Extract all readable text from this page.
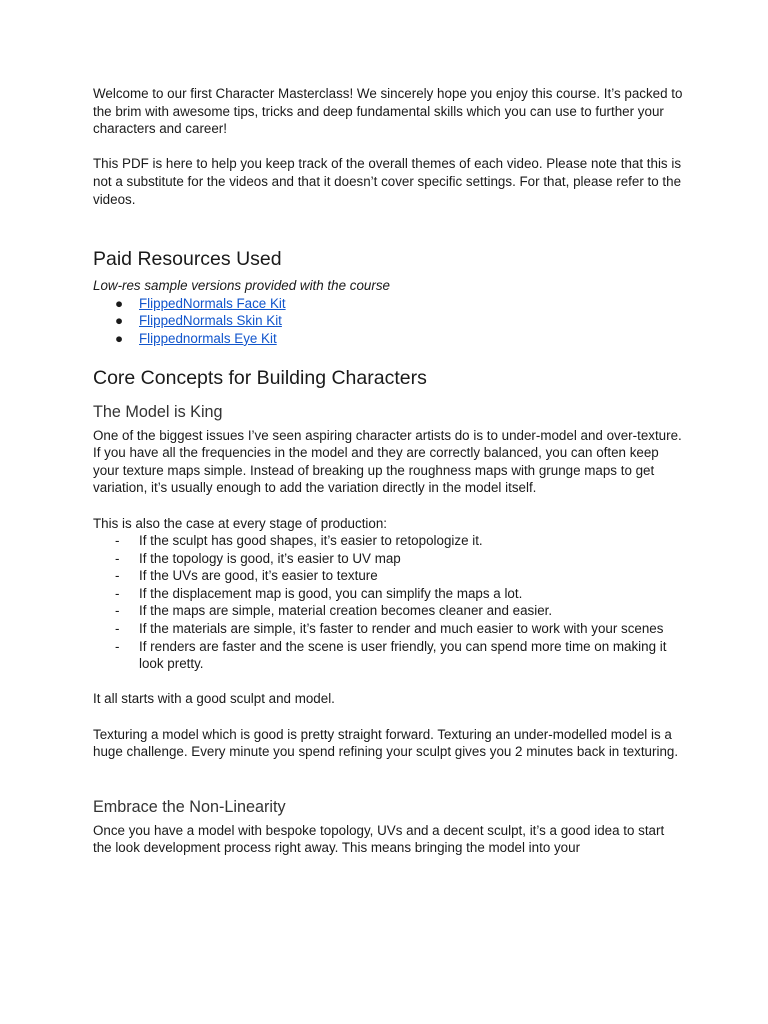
Welcome to our first Character Masterclass! We sincerely hope you enjoy this course. It’s packed to the brim with awesome tips, tricks and deep fundamental skills which you can use to further your characters and career!

This PDF is here to help you keep track of the overall themes of each video. Please note that this is not a substitute for the videos and that it doesn’t cover specific settings. For that, please refer to the videos.

Paid Resources Used

Low-res sample versions provided with the course

● FlippedNormals Face Kit
● FlippedNormals Skin Kit
● Flippednormals Eye Kit
Core Concepts for Building Characters
The Model is King

One of the biggest issues I’ve seen aspiring character artists do is to under-model and over-texture. If you have all the frequencies in the model and they are correctly balanced, you can often keep your texture maps simple. Instead of breaking up the roughness maps with grunge maps to get variation, it’s usually enough to add the variation directly in the model itself.

This is also the case at every stage of production:

- If the sculpt has good shapes, it’s easier to retopologize it.
- If the topology is good, it’s easier to UV map
- If the UVs are good, it’s easier to texture
- If the displacement map is good, you can simplify the maps a lot.
- If the maps are simple, material creation becomes cleaner and easier.
- If the materials are simple, it’s faster to render and much easier to work with your scenes
- If renders are faster and the scene is user friendly, you can spend more time on making it look pretty.

It all starts with a good sculpt and model.

Texturing a model which is good is pretty straight forward. Texturing an under-modelled model is a huge challenge. Every minute you spend refining your sculpt gives you 2 minutes back in texturing.

Embrace the Non-Linearity

Once you have a model with bespoke topology, UVs and a decent sculpt, it’s a good idea to start the look development process right away. This means bringing the model into your
